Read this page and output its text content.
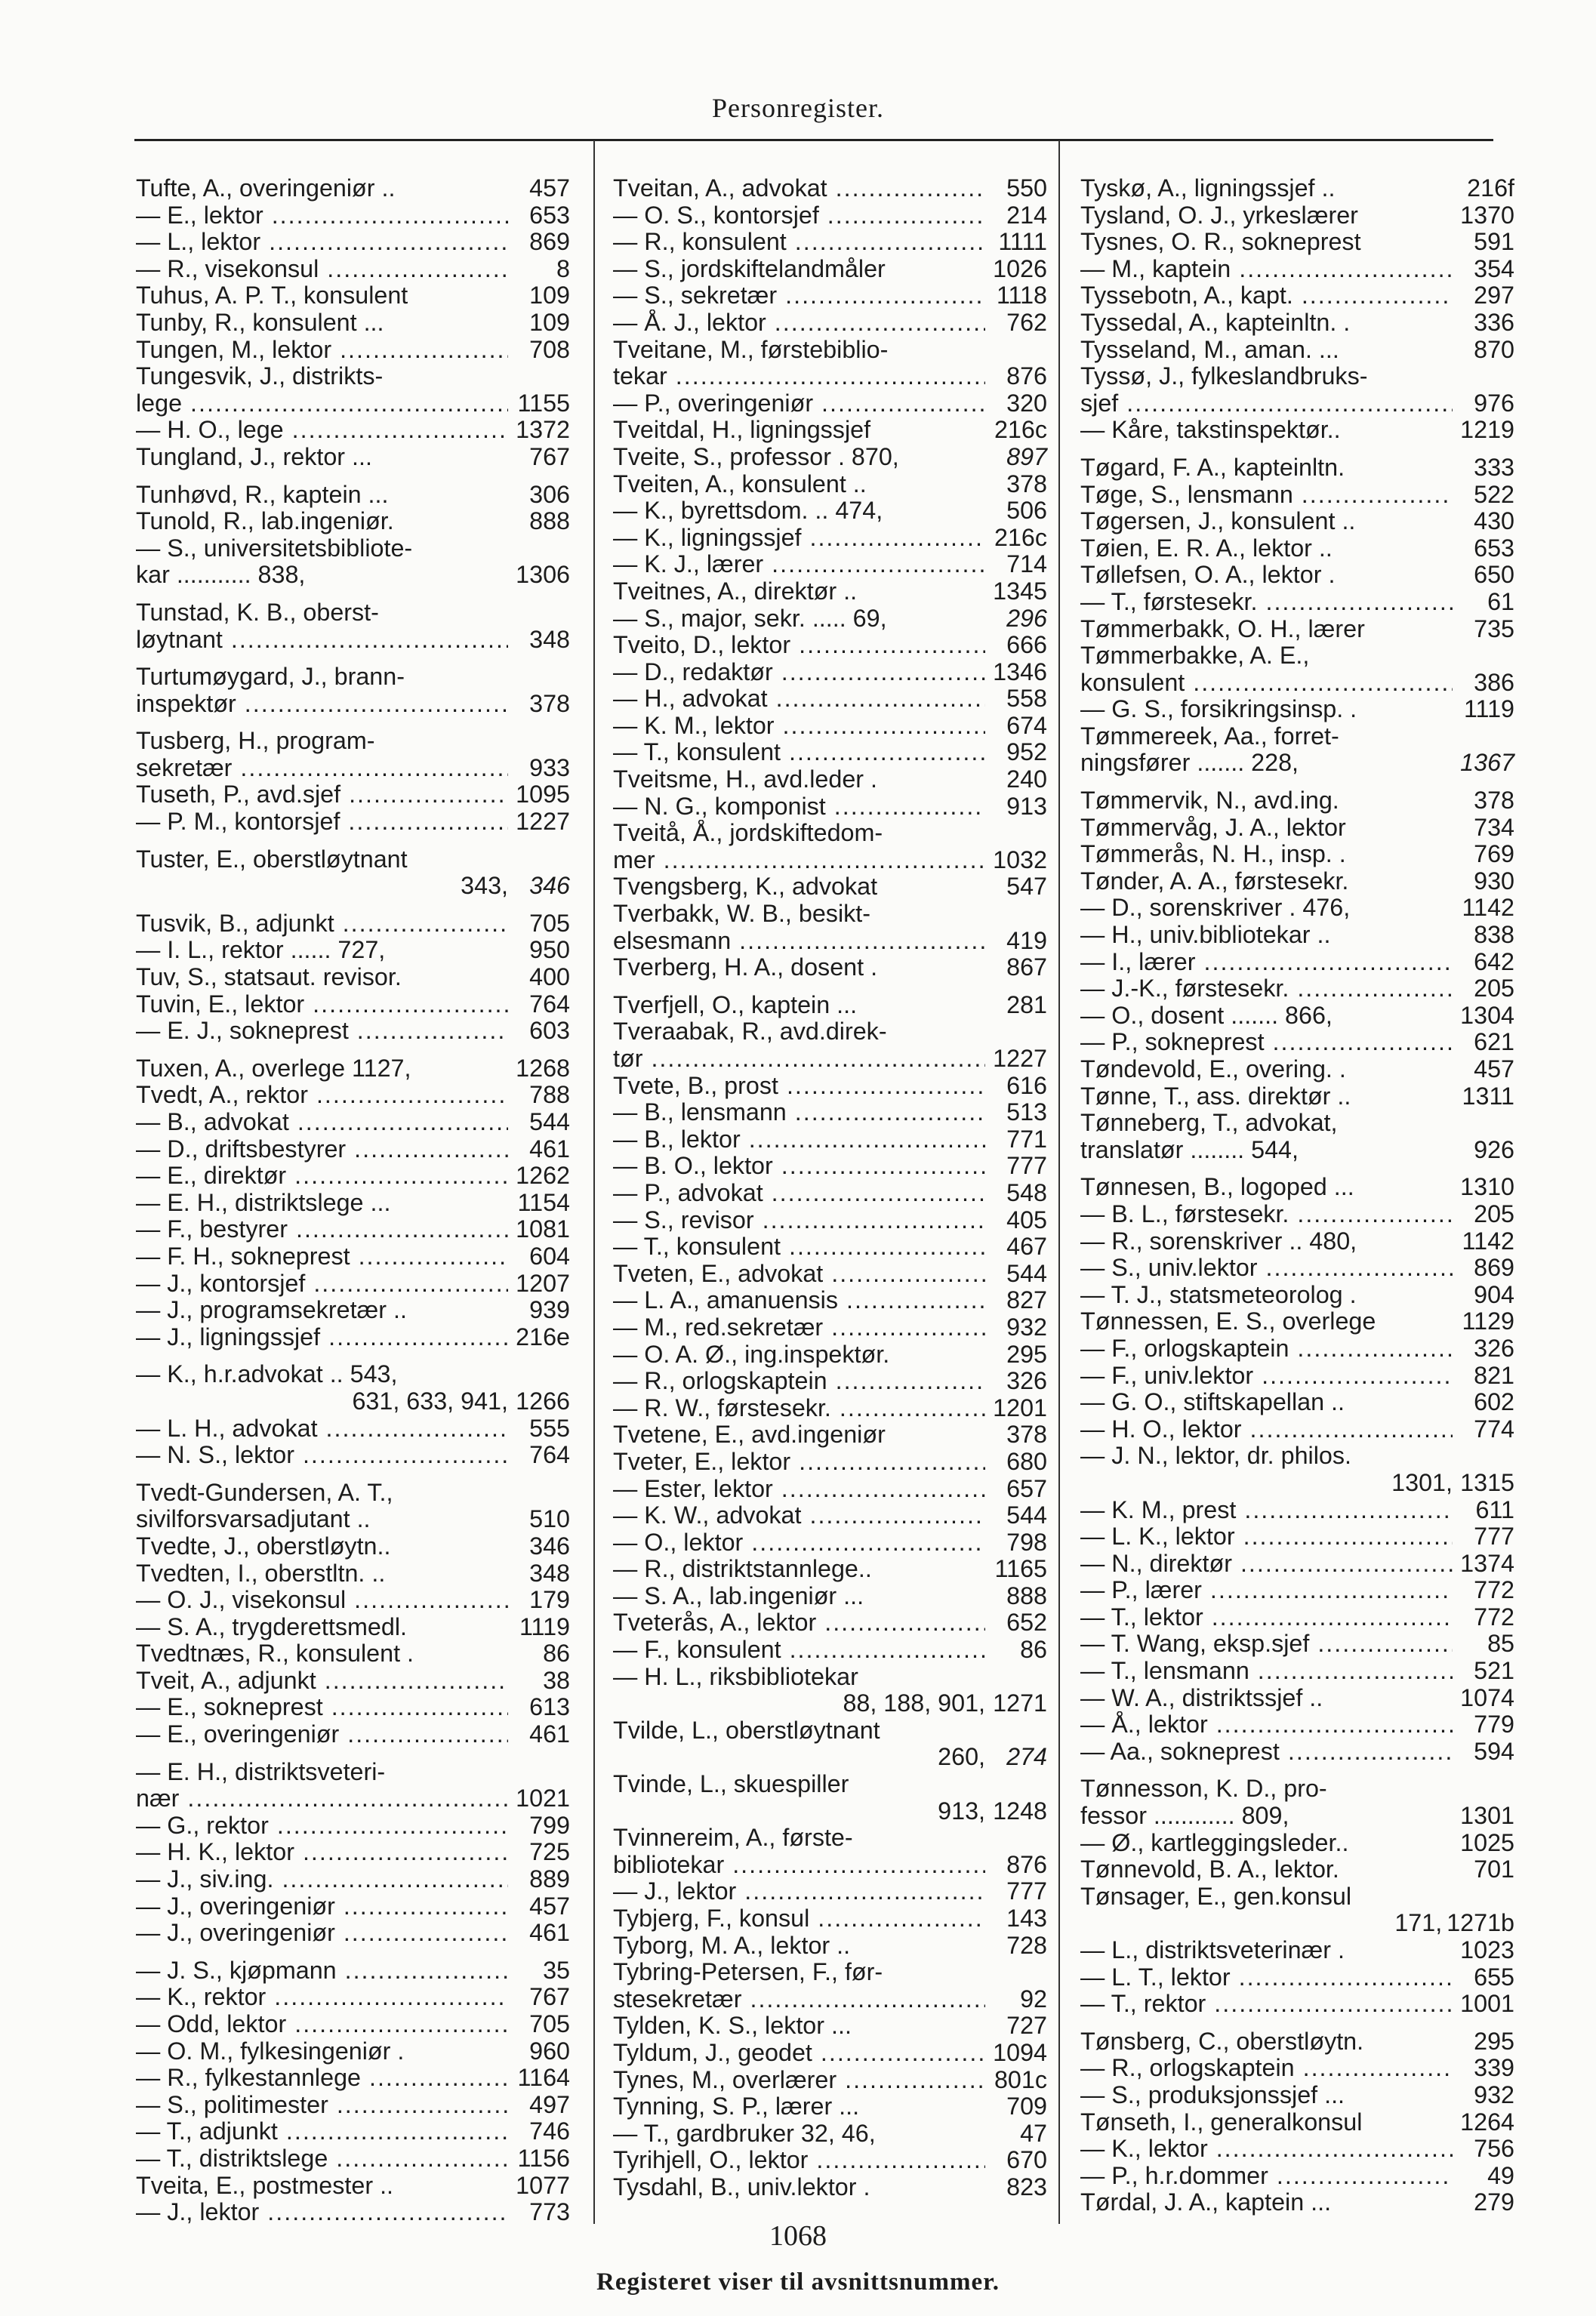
Personregister.
Tufte, A., overingeniør ..	457
— E., lektor .....	653
— L., lektor .....	869
— R., visekonsul .....	8
Tuhus, A. P. T., konsulent	109
Tunby, R., konsulent ...	109
Tungen, M., lektor .....	708
Tungesvik, J., distrikts-
lege .....	1155
— H. O., lege .....	1372
Tungland, J., rektor ...	767
Tunhøvd, R., kaptein ...	306
Tunold, R., lab.ingeniør.	888
— S., universitetsbibliote-
kar ........... 838,	1306
Tunstad, K. B., oberst-
løytnant .....	348
Turtumøygard, J., brann-
inspektør .....	378
Tusberg, H., program-
sekretær .....	933
Tuseth, P., avd.sjef .....	1095
— P. M., kontorsjef .....	1227
Tuster, E., oberstløytnant
343, 346
Tusvik, B., adjunkt .....	705
— I. L., rektor ...... 727,	950
Tuv, S., statsaut. revisor.	400
Tuvin, E., lektor .....	764
— E. J., sokneprest .....	603
Tuxen, A., overlege 1127,	1268
Tvedt, A., rektor .....	788
— B., advokat .....	544
— D., driftsbestyrer .....	461
— E., direktør .....	1262
— E. H., distriktslege ...	1154
— F., bestyrer .....	1081
— F. H., sokneprest .....	604
— J., kontorsjef .....	1207
— J., programsekretær ..	939
— J., ligningssjef .....	216e
— K., h.r.advokat .. 543,
631, 633, 941, 1266
— L. H., advokat .....	555
— N. S., lektor .....	764
Tvedt-Gundersen, A. T.,
sivilforsvarsadjutant ..	510
Tvedte, J., oberstløytn..	346
Tvedten, I., oberstltn. ..	348
— O. J., visekonsul .....	179
— S. A., trygderettsmedl.	1119
Tvedtnæs, R., konsulent .	86
Tveit, A., adjunkt .....	38
— E., sokneprest .....	613
— E., overingeniør .....	461
— E. H., distriktsveteri-
nær .....	1021
— G., rektor .....	799
— H. K., lektor .....	725
— J., siv.ing. .....	889
— J., overingeniør .....	457
— J., overingeniør .....	461
— J. S., kjøpmann .....	35
— K., rektor .....	767
— Odd, lektor .....	705
— O. M., fylkesingeniør .	960
— R., fylkestannlege .....	1164
— S., politimester .....	497
— T., adjunkt .....	746
— T., distriktslege .....	1156
Tveita, E., postmester ..	1077
— J., lektor .....	773
Tveitan, A., advokat .....	550
— O. S., kontorsjef .....	214
— R., konsulent .....	1111
— S., jordskiftelandmåler	1026
— S., sekretær .....	1118
— Å. J., lektor .....	762
Tveitane, M., førstebiblio-
tekar .....	876
— P., overingeniør .....	320
Tveitdal, H., ligningssjef	216c
Tveite, S., professor . 870,	897
Tveiten, A., konsulent ..	378
— K., byrettsdom. .. 474,	506
— K., ligningssjef .....	216c
— K. J., lærer .....	714
Tveitnes, A., direktør ..	1345
— S., major, sekr. ..... 69,	296
Tveito, D., lektor .....	666
— D., redaktør .....	1346
— H., advokat .....	558
— K. M., lektor .....	674
— T., konsulent .....	952
Tveitsme, H., avd.leder .	240
— N. G., komponist .....	913
Tveitå, Å., jordskiftedom-
mer .....	1032
Tvengsberg, K., advokat	547
Tverbakk, W. B., besikt-
elsesmann .....	419
Tverberg, H. A., dosent .	867
Tverfjell, O., kaptein ...	281
Tveraabak, R., avd.direk-
tør .....	1227
Tvete, B., prost .....	616
— B., lensmann .....	513
— B., lektor .....	771
— B. O., lektor .....	777
— P., advokat .....	548
— S., revisor .....	405
— T., konsulent .....	467
Tveten, E., advokat .....	544
— L. A., amanuensis .....	827
— M., red.sekretær .....	932
— O. A. Ø., ing.inspektør.	295
— R., orlogskaptein .....	326
— R. W., førstesekr. .....	1201
Tvetene, E., avd.ingeniør	378
Tveter, E., lektor .....	680
— Ester, lektor .....	657
— K. W., advokat .....	544
— O., lektor .....	798
— R., distriktstannlege..	1165
— S. A., lab.ingeniør ...	888
Tveterås, A., lektor .....	652
— F., konsulent .....	86
— H. L., riksbibliotekar
88, 188, 901, 1271
Tvilde, L., oberstløytnant
260, 274
Tvinde, L., skuespiller
913, 1248
Tvinnereim, A., første-
bibliotekar .....	876
— J., lektor .....	777
Tybjerg, F., konsul .....	143
Tyborg, M. A., lektor ..	728
Tybring-Petersen, F., før-
stesekretær .....	92
Tylden, K. S., lektor ...	727
Tyldum, J., geodet .....	1094
Tynes, M., overlærer .....	801c
Tynning, S. P., lærer ...	709
— T., gardbruker 32, 46,	47
Tyrihjell, O., lektor .....	670
Tysdahl, B., univ.lektor .	823
Tyskø, A., ligningssjef ..	216f
Tysland, O. J., yrkeslærer	1370
Tysnes, O. R., sokneprest	591
— M., kaptein .....	354
Tyssebotn, A., kapt. .....	297
Tyssedal, A., kapteinltn. .	336
Tysseland, M., aman. ...	870
Tyssø, J., fylkeslandbruks-
sjef .....	976
— Kåre, takstinspektør..	1219
Tøgard, F. A., kapteinltn.	333
Tøge, S., lensmann .....	522
Tøgersen, J., konsulent ..	430
Tøien, E. R. A., lektor ..	653
Tøllefsen, O. A., lektor .	650
— T., førstesekr. .....	61
Tømmerbakk, O. H., lærer	735
Tømmerbakke, A. E.,
konsulent .....	386
— G. S., forsikringsinsp. .	1119
Tømmereek, Aa., forret-
ningsfører ....... 228,	1367
Tømmervik, N., avd.ing.	378
Tømmervåg, J. A., lektor	734
Tømmerås, N. H., insp. .	769
Tønder, A. A., førstesekr.	930
— D., sorenskriver . 476,	1142
— H., univ.bibliotekar ..	838
— I., lærer .....	642
— J.-K., førstesekr. .....	205
— O., dosent ....... 866,	1304
— P., sokneprest .....	621
Tøndevold, E., overing. .	457
Tønne, T., ass. direktør ..	1311
Tønneberg, T., advokat,
translatør ........ 544,	926
Tønnesen, B., logoped ...	1310
— B. L., førstesekr. .....	205
— R., sorenskriver .. 480,	1142
— S., univ.lektor .....	869
— T. J., statsmeteorolog .	904
Tønnessen, E. S., overlege	1129
— F., orlogskaptein .....	326
— F., univ.lektor .....	821
— G. O., stiftskapellan ..	602
— H. O., lektor .....	774
— J. N., lektor, dr. philos.
1301, 1315
— K. M., prest .....	611
— L. K., lektor .....	777
— N., direktør .....	1374
— P., lærer .....	772
— T., lektor .....	772
— T. Wang, eksp.sjef .....	85
— T., lensmann .....	521
— W. A., distriktssjef ..	1074
— Å., lektor .....	779
— Aa., sokneprest .....	594
Tønnesson, K. D., pro-
fessor ............ 809,	1301
— Ø., kartleggingsleder..	1025
Tønnevold, B. A., lektor.	701
Tønsager, E., gen.konsul
171, 1271b
— L., distriktsveterinær .	1023
— L. T., lektor .....	655
— T., rektor .....	1001
Tønsberg, C., oberstløytn.	295
— R., orlogskaptein .....	339
— S., produksjonssjef ...	932
Tønseth, I., generalkonsul	1264
— K., lektor .....	756
— P., h.r.dommer .....	49
Tørdal, J. A., kaptein ...	279
1068
Registeret viser til avsnittsnummer.
